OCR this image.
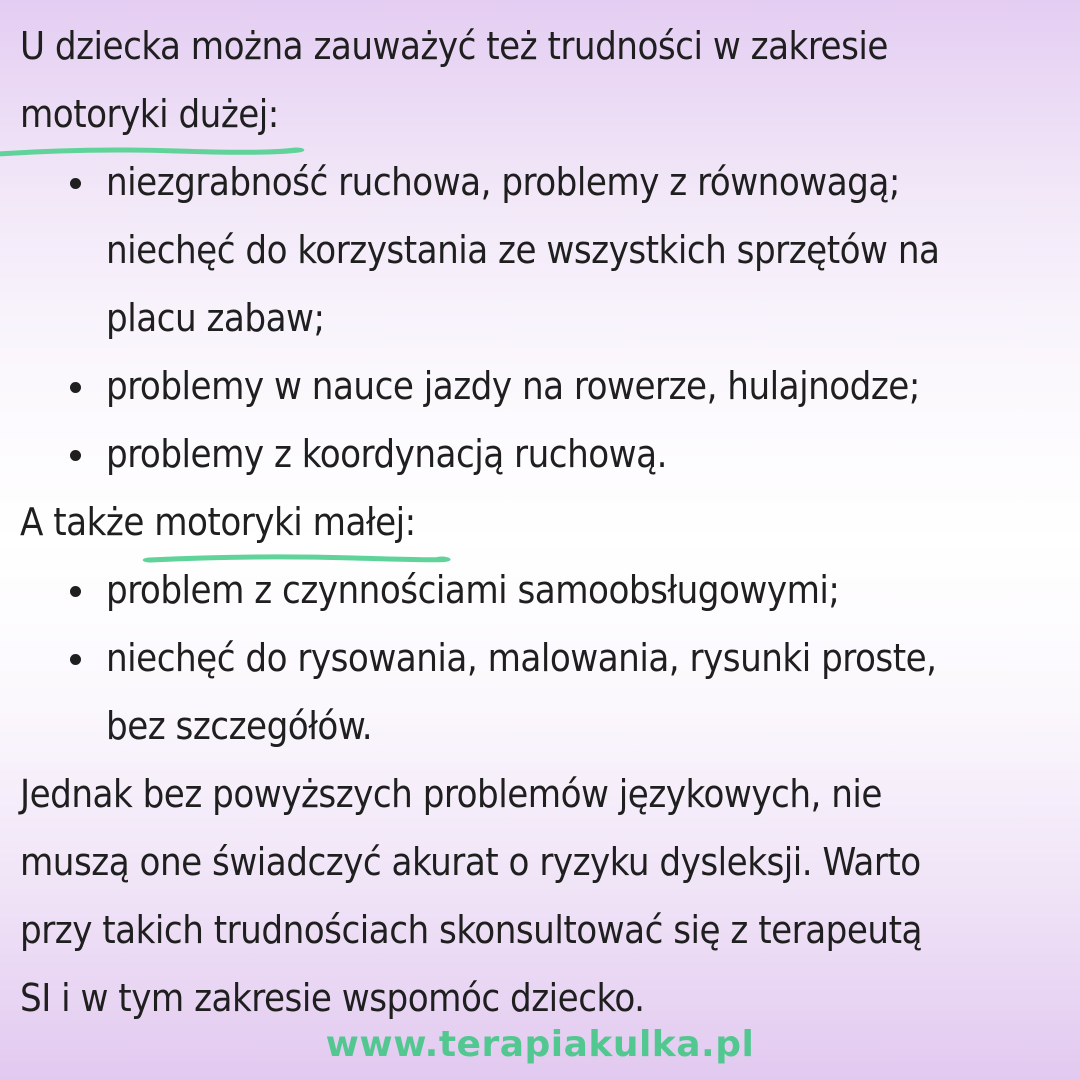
U dziecka można zauważyć też trudności w zakresie
motoryki dużej:
niezgrabność ruchowa, problemy z równowagą;
niechęć do korzystania ze wszystkich sprzętów na
placu zabaw;
problemy w nauce jazdy na rowerze, hulajnodze;
problemy z koordynacją ruchową.
A także motoryki małej:
problem z czynnościami samoobsługowymi;
niechęć do rysowania, malowania, rysunki proste,
bez szczegółów.
Jednak bez powyższych problemów językowych, nie
muszą one świadczyć akurat o ryzyku dysleksji. Warto
przy takich trudnościach skonsultować się z terapeutą
SI i w tym zakresie wspomóc dziecko.
www.terapiakulka.pl
